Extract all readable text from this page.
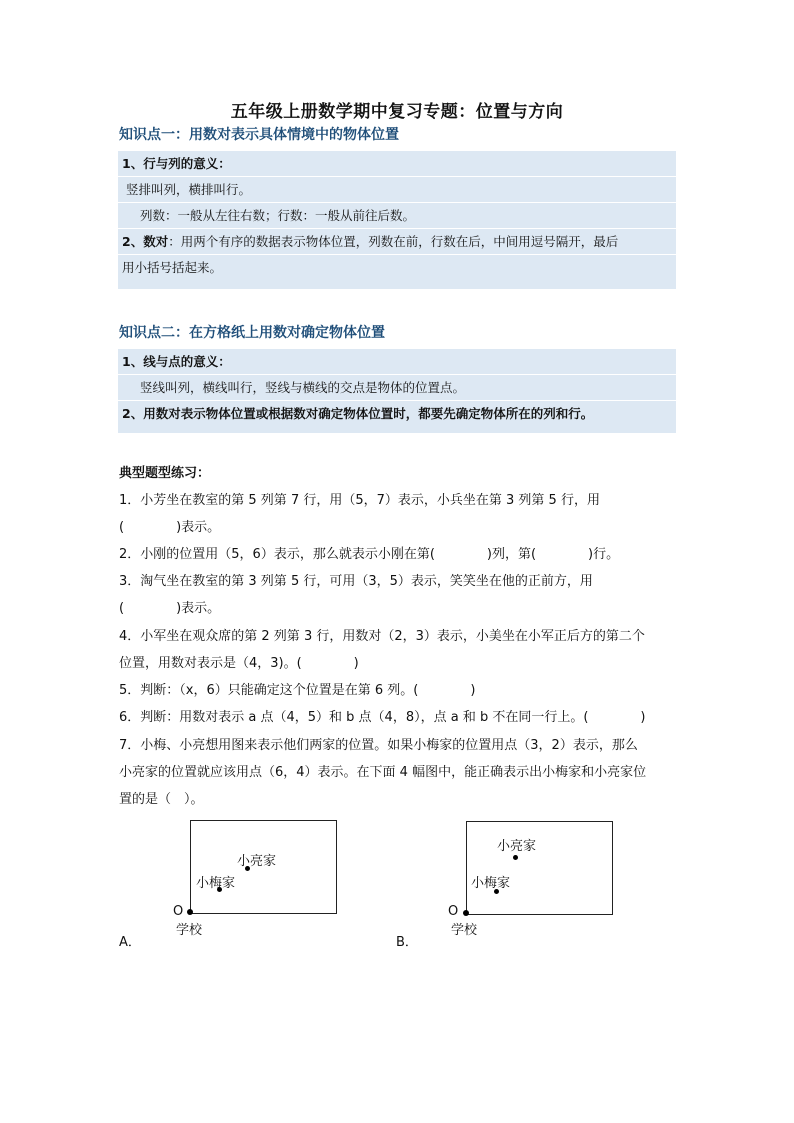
五年级上册数学期中复习专题：位置与方向
知识点一：用数对表示具体情境中的物体位置
1、行与列的意义：
竖排叫列，横排叫行。
列数：一般从左往右数；行数：一般从前往后数。
2、数对：用两个有序的数据表示物体位置，列数在前，行数在后，中间用逗号隔开，最后
用小括号括起来。
知识点二：在方格纸上用数对确定物体位置
1、线与点的意义：
竖线叫列，横线叫行，竖线与横线的交点是物体的位置点。
2、用数对表示物体位置或根据数对确定物体位置时，都要先确定物体所在的列和行。
典型题型练习：
1．小芳坐在教室的第 5 列第 7 行，用（5，7）表示，小兵坐在第 3 列第 5 行，用
(　　　　)表示。
2．小刚的位置用（5，6）表示，那么就表示小刚在第(　　　　)列，第(　　　　)行。
3．淘气坐在教室的第 3 列第 5 行，可用（3，5）表示，笑笑坐在他的正前方，用
(　　　　)表示。
4．小军坐在观众席的第 2 列第 3 行，用数对（2，3）表示，小美坐在小军正后方的第二个
位置，用数对表示是（4，3)。(　　　　)
5．判断：（x，6）只能确定这个位置是在第 6 列。(　　　　)
6．判断：用数对表示 a 点（4，5）和 b 点（4，8），点 a 和 b 不在同一行上。(　　　　)
7．小梅、小亮想用图来表示他们两家的位置。如果小梅家的位置用点（3，2）表示，那么
小亮家的位置就应该用点（6，4）表示。在下面 4 幅图中，能正确表示出小梅家和小亮家位
置的是（　）。
小亮家
小梅家
O
学校
A．
小亮家
小梅家
O
学校
B．
